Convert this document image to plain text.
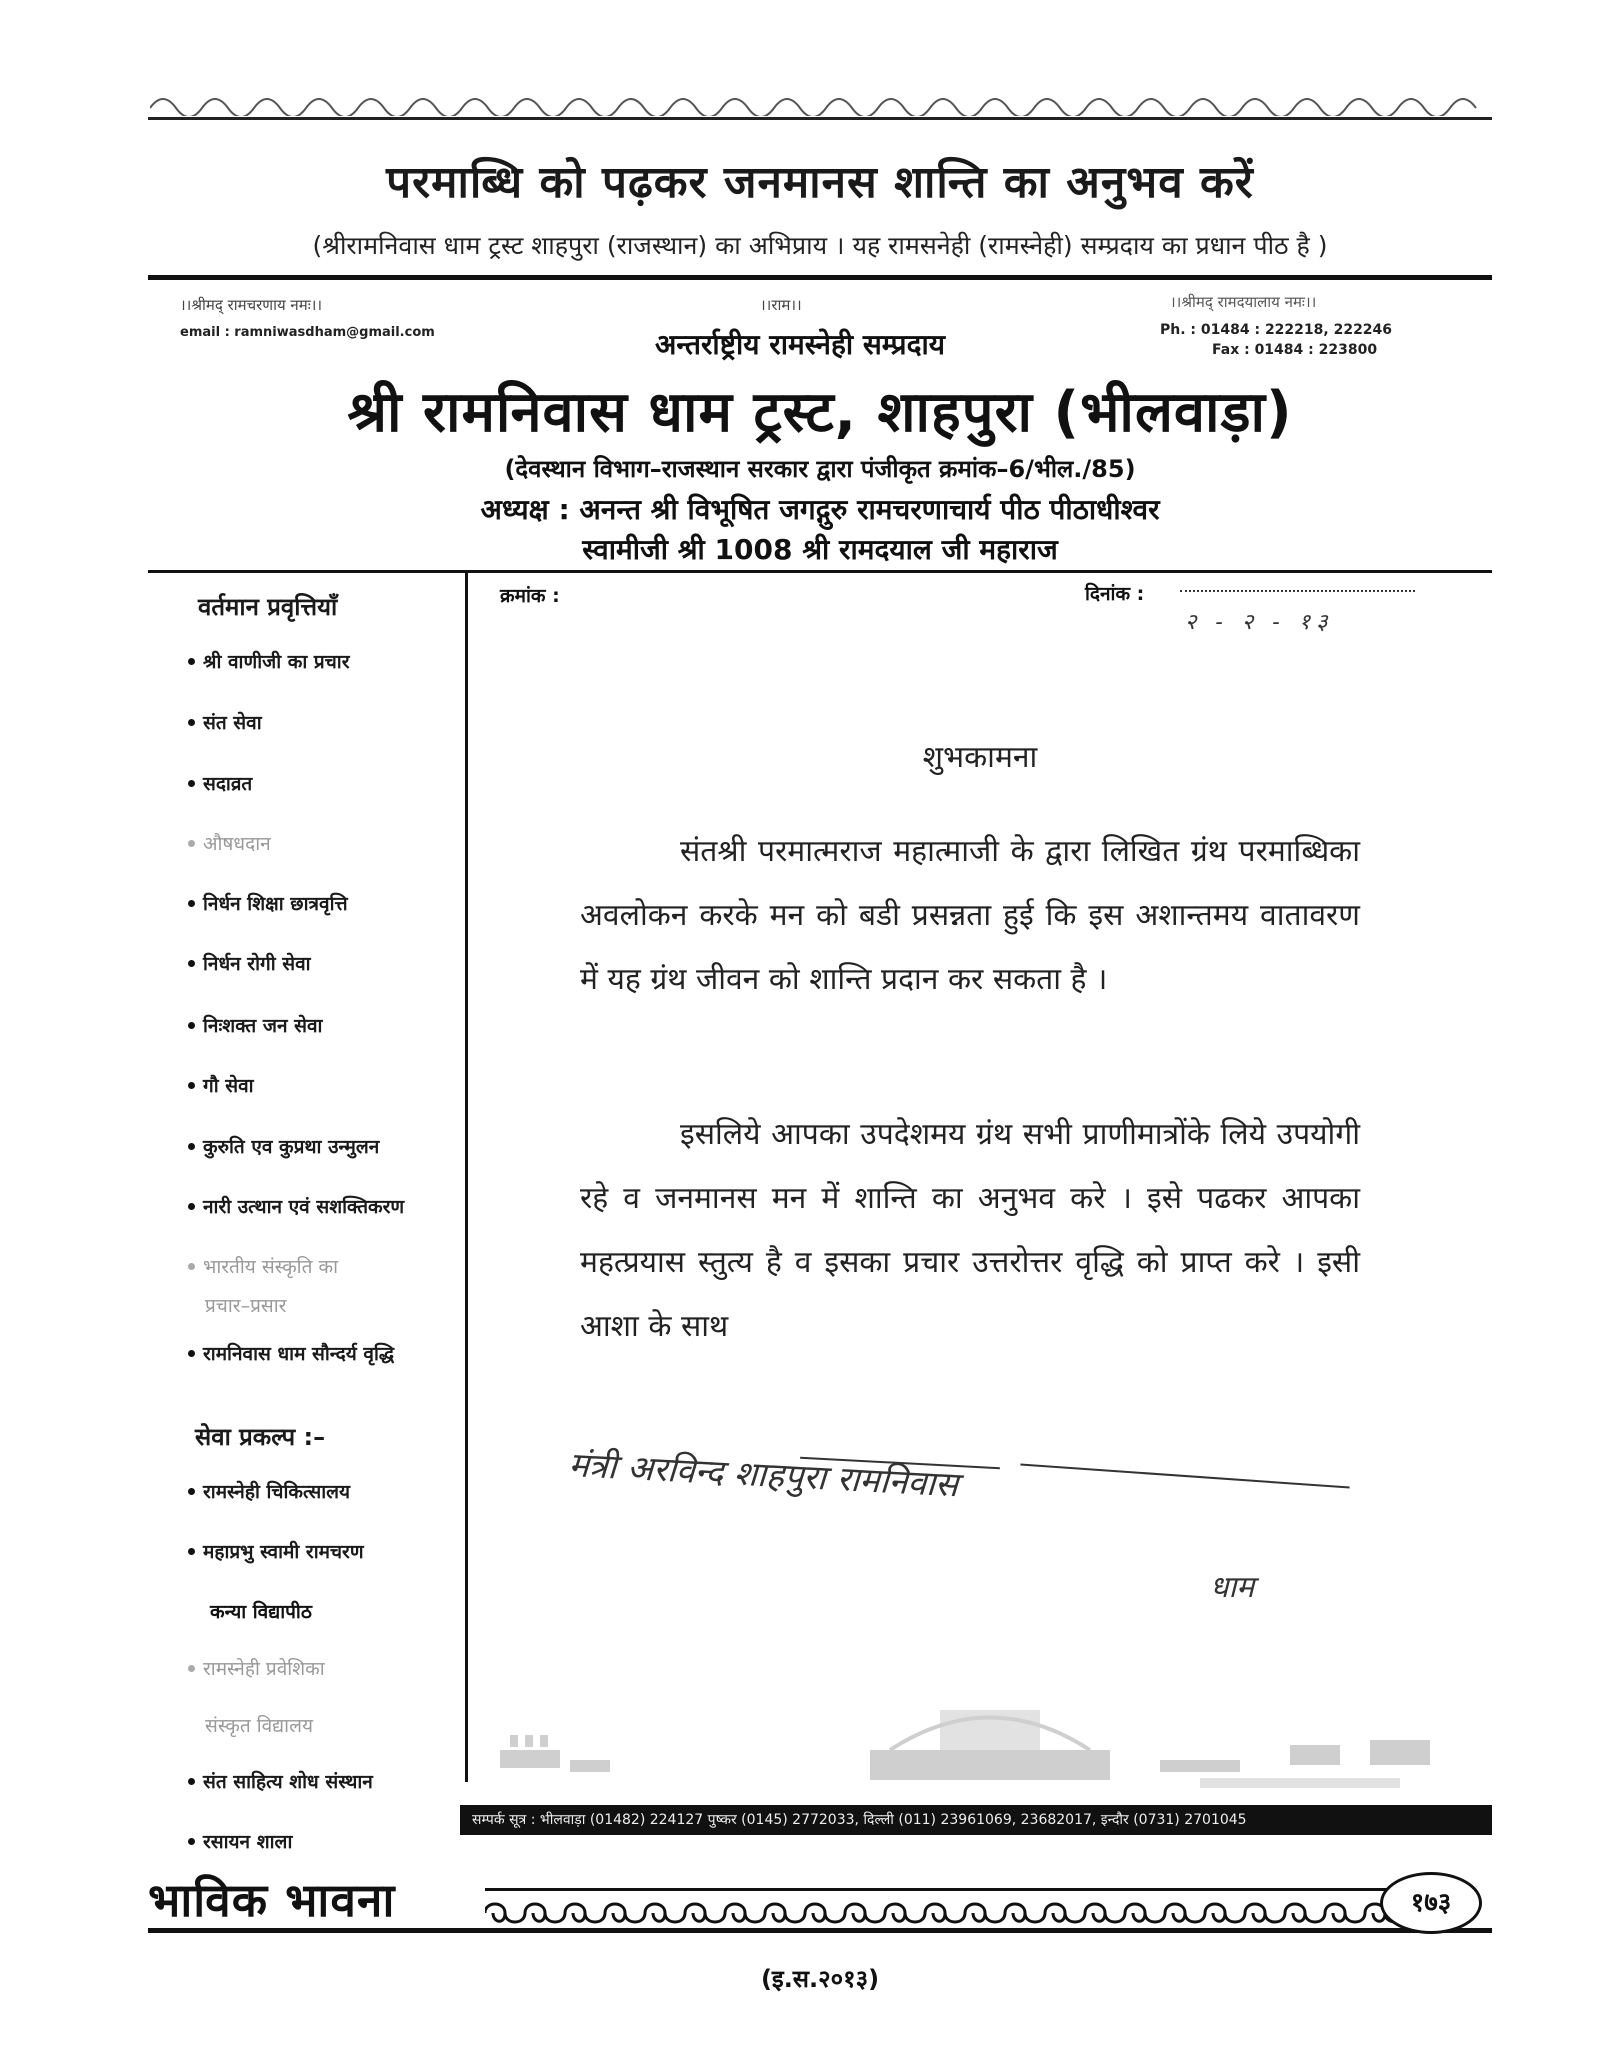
परमाब्धि को पढ़कर जनमानस शान्ति का अनुभव करें
(श्रीरामनिवास धाम ट्रस्ट शाहपुरा (राजस्थान) का अभिप्राय । यह रामसनेही (रामस्नेही) सम्प्रदाय का प्रधान पीठ है )
।।श्रीमद् रामचरणाय नमः।।
email : ramniwasdham@gmail.com
।।राम।।
अन्तर्राष्ट्रीय रामस्नेही सम्प्रदाय
।।श्रीमद् रामदयालाय नमः।।
Ph. : 01484 : 222218, 222246
Fax : 01484 : 223800
श्री रामनिवास धाम ट्रस्ट, शाहपुरा (भीलवाड़ा)
(देवस्थान विभाग–राजस्थान सरकार द्वारा पंजीकृत क्रमांक–6/भील./85)
अध्यक्ष : अनन्त श्री विभूषित जगद्गुरु रामचरणाचार्य पीठ पीठाधीश्वर
स्वामीजी श्री 1008 श्री रामदयाल जी महाराज
वर्तमान प्रवृत्तियाँ
श्री वाणीजी का प्रचार
संत सेवा
सदाव्रत
औषधदान
निर्धन शिक्षा छात्रवृत्ति
निर्धन रोगी सेवा
निःशक्त जन सेवा
गौ सेवा
कुरुति एव कुप्रथा उन्मुलन
नारी उत्थान एवं सशक्तिकरण
भारतीय संस्कृति का
प्रचार–प्रसार
रामनिवास धाम सौन्दर्य वृद्धि
सेवा प्रकल्प :–
रामस्नेही चिकित्सालय
महाप्रभु स्वामी रामचरण
कन्या विद्यापीठ
रामस्नेही प्रवेशिका
संस्कृत विद्यालय
संत साहित्य शोध संस्थान
रसायन शाला
क्रमांक :	दिनांक :
२ - २ - १३
शुभकामना

संतश्री परमात्मराज महात्माजी के द्वारा लिखित ग्रंथ परमाब्धिका अवलोकन करके मन को बडी प्रसन्नता हुई कि इस अशान्तमय वातावरण में यह ग्रंथ जीवन को शान्ति प्रदान कर सकता है ।

इसलिये आपका उपदेशमय ग्रंथ सभी प्राणीमात्रोंके लिये उपयोगी रहे व जनमानस मन में शान्ति का अनुभव करे । इसे पढकर आपका महत्प्रयास स्तुत्य है व इसका प्रचार उत्तरोत्तर वृद्धि को प्राप्त करे । इसी आशा के साथ

मंत्री अरविन्द शाहपुरा रामनिवास
धाम
सम्पर्क सूत्र : भीलवाड़ा (01482) 224127 पुष्कर (0145) 2772033, दिल्ली (011) 23961069, 23682017, इन्दौर (0731) 2701045
भाविक भावना	१७३
(इ.स.२०१३)
